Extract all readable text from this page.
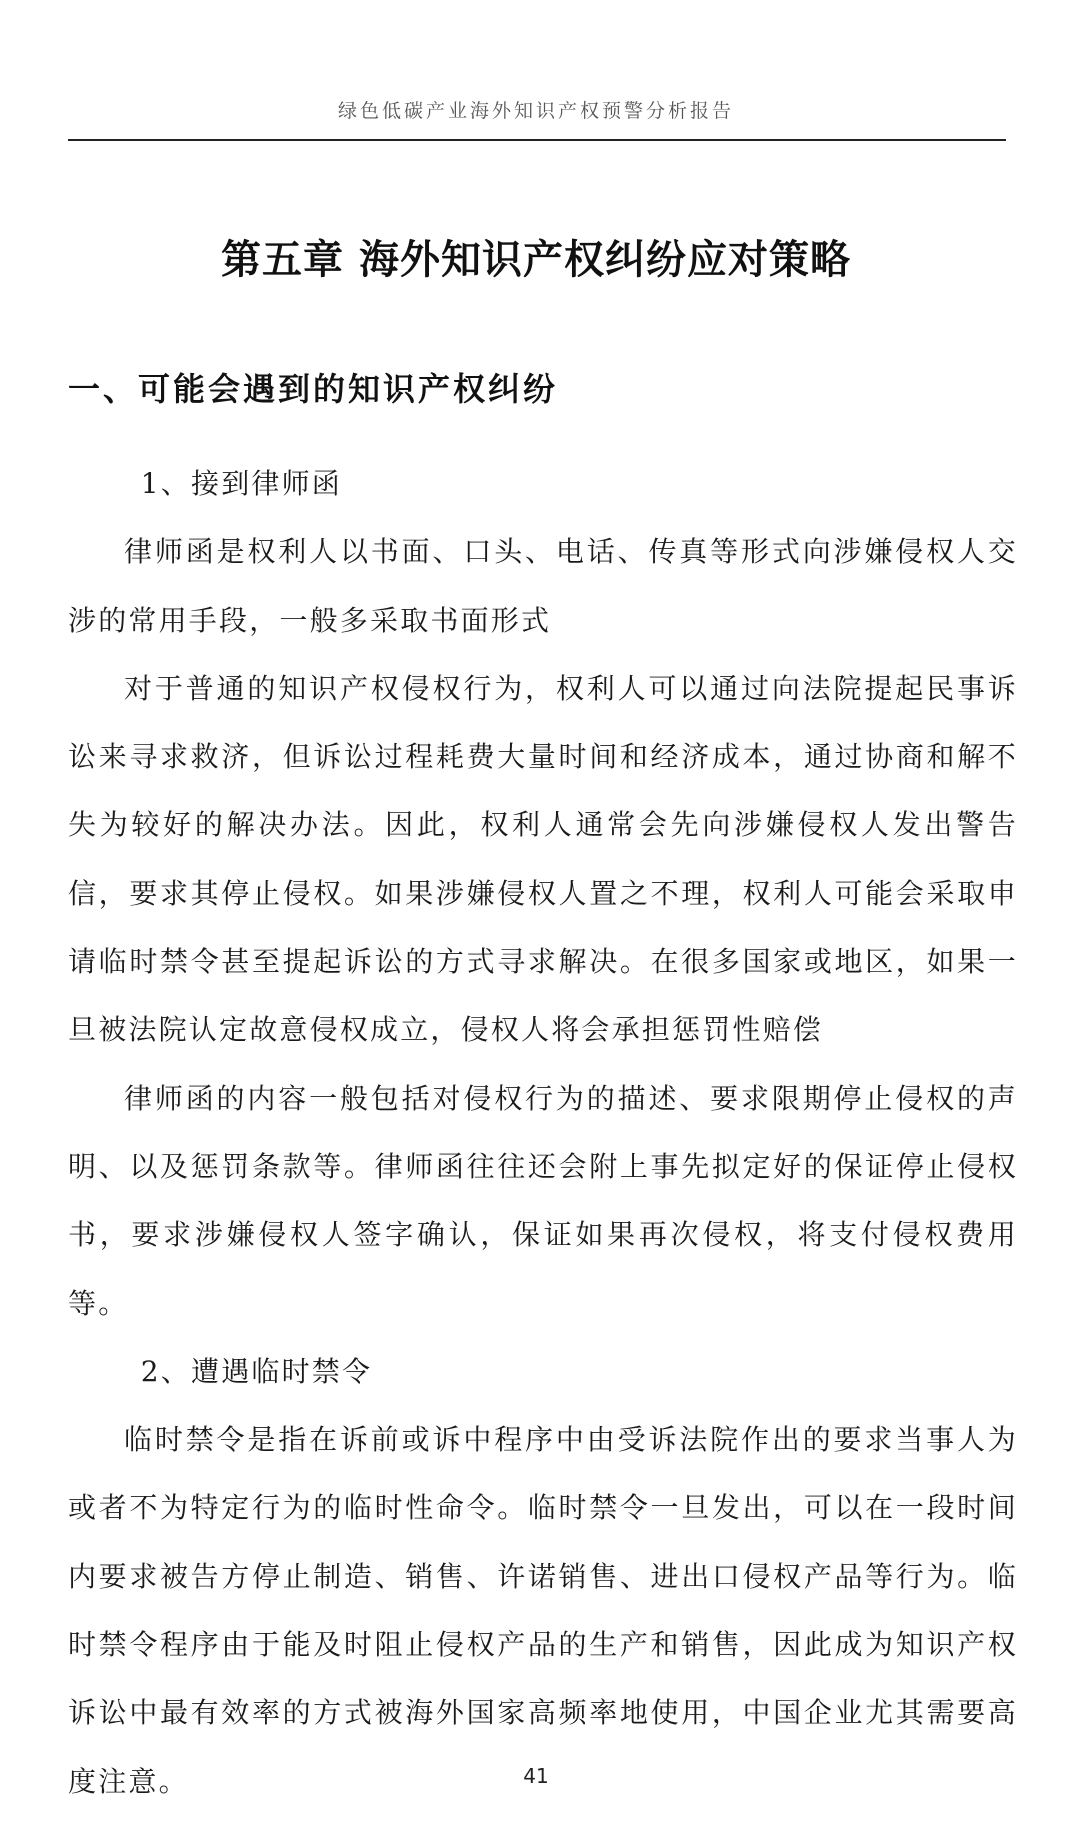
绿色低碳产业海外知识产权预警分析报告
第五章 海外知识产权纠纷应对策略
一、可能会遇到的知识产权纠纷

1、接到律师函

律师函是权利人以书面、口头、电话、传真等形式向涉嫌侵权人交涉的常用手段，一般多采取书面形式

对于普通的知识产权侵权行为，权利人可以通过向法院提起民事诉讼来寻求救济，但诉讼过程耗费大量时间和经济成本，通过协商和解不失为较好的解决办法。因此，权利人通常会先向涉嫌侵权人发出警告信，要求其停止侵权。如果涉嫌侵权人置之不理，权利人可能会采取申请临时禁令甚至提起诉讼的方式寻求解决。在很多国家或地区，如果一旦被法院认定故意侵权成立，侵权人将会承担惩罚性赔偿

律师函的内容一般包括对侵权行为的描述、要求限期停止侵权的声明、以及惩罚条款等。律师函往往还会附上事先拟定好的保证停止侵权书，要求涉嫌侵权人签字确认，保证如果再次侵权，将支付侵权费用等。

2、遭遇临时禁令

临时禁令是指在诉前或诉中程序中由受诉法院作出的要求当事人为或者不为特定行为的临时性命令。临时禁令一旦发出，可以在一段时间内要求被告方停止制造、销售、许诺销售、进出口侵权产品等行为。临时禁令程序由于能及时阻止侵权产品的生产和销售，因此成为知识产权诉讼中最有效率的方式被海外国家高频率地使用，中国企业尤其需要高度注意。	41
